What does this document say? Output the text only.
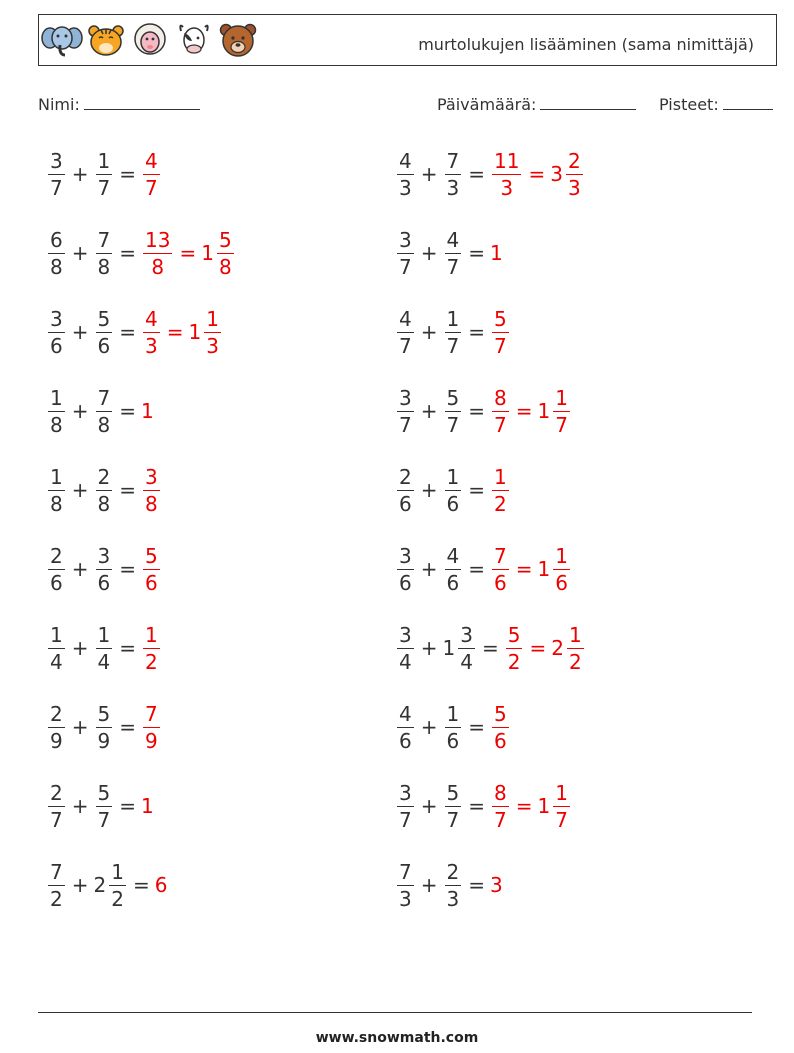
murtolukujen lisääminen (sama nimittäjä)
Nimi:	Päivämäärä:	Pisteet:
$\frac{3}{7} + \frac{1}{7} = \frac{4}{7}$
$\frac{6}{8} + \frac{7}{8} = \frac{13}{8} = 1 \frac{5}{8}$
$\frac{3}{6} + \frac{5}{6} = \frac{4}{3} = 1 \frac{1}{3}$
$\frac{1}{8} + \frac{7}{8} = 1$
$\frac{1}{8} + \frac{2}{8} = \frac{3}{8}$
$\frac{2}{6} + \frac{3}{6} = \frac{5}{6}$
$\frac{1}{4} + \frac{1}{4} = \frac{1}{2}$
$\frac{2}{9} + \frac{5}{9} = \frac{7}{9}$
$\frac{2}{7} + \frac{5}{7} = 1$
$\frac{7}{2} + 2 \frac{1}{2} = 6$
$\frac{4}{3} + \frac{7}{3} = \frac{11}{3} = 3 \frac{2}{3}$
$\frac{3}{7} + \frac{4}{7} = 1$
$\frac{4}{7} + \frac{1}{7} = \frac{5}{7}$
$\frac{3}{7} + \frac{5}{7} = \frac{8}{7} = 1 \frac{1}{7}$
$\frac{2}{6} + \frac{1}{6} = \frac{1}{2}$
$\frac{3}{6} + \frac{4}{6} = \frac{7}{6} = 1 \frac{1}{6}$
$\frac{3}{4} + 1 \frac{3}{4} = \frac{5}{2} = 2 \frac{1}{2}$
$\frac{4}{6} + \frac{1}{6} = \frac{5}{6}$
$\frac{3}{7} + \frac{5}{7} = \frac{8}{7} = 1 \frac{1}{7}$
$\frac{7}{3} + \frac{2}{3} = 3$
www.snowmath.com
